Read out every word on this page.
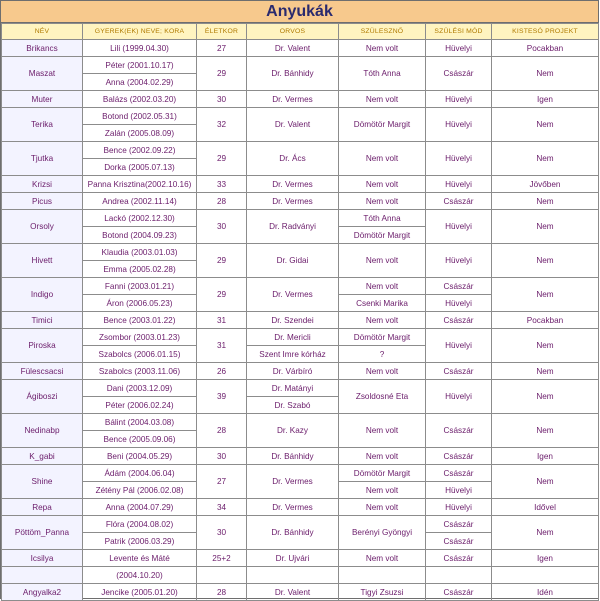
Anyukák
NÉV	GYEREK(EK) NEVE; KORA	ÉLETKOR	ORVOS	SZÜLESZNŐ	SZÜLÉSI MÓD	KISTESÓ PROJEKT
Brikancs	Lili (1999.04.30)	27	Dr. Valent	Nem volt	Hüvelyi	Pocakban
Maszat	Péter (2001.10.17)	29	Dr. Bánhidy	Tóth Anna	Császár	Nem
	Anna (2004.02.29)					
Muter	Balázs (2002.03.20)	30	Dr. Vermes	Nem volt	Hüvelyi	Igen
Terika	Botond (2002.05.31)	32	Dr. Valent	Dömötör Margit	Hüvelyi	Nem
	Zalán (2005.08.09)					
Tjutka	Bence (2002.09.22)	29	Dr. Ács	Nem volt	Hüvelyi	Nem
	Dorka (2005.07.13)					
Krizsi	Panna Krisztina(2002.10.16)	33	Dr. Vermes	Nem volt	Hüvelyi	Jövőben
Picus	Andrea (2002.11.14)	28	Dr. Vermes	Nem volt	Császár	Nem
Orsoly	Lackó (2002.12.30)	30	Dr. Radványi	Tóth Anna	Hüvelyi	Nem
	Botond (2004.09.23)			Dömötör Margit		
Hivett	Klaudia (2003.01.03)	29	Dr. Gidai	Nem volt	Hüvelyi	Nem
	Emma (2005.02.28)					
Indigo	Fanni (2003.01.21)	29	Dr. Vermes	Nem volt	Császár	Nem
	Áron (2006.05.23)			Csenki Marika	Hüvelyi	
Timici	Bence (2003.01.22)	31	Dr. Szendei	Nem volt	Császár	Pocakban
Piroska	Zsombor (2003.01.23)	31	Dr. Mericli	Dömötör Margit	Hüvelyi	Nem
	Szabolcs (2006.01.15)		Szent Imre kórház	?		
Fülescsacsi	Szabolcs (2003.11.06)	26	Dr. Várbíró	Nem volt	Császár	Nem
Ágiboszi	Dani (2003.12.09)	39	Dr. Matányi	Zsoldosné Eta	Hüvelyi	Nem
	Péter (2006.02.24)		Dr. Szabó			
Nedinabp	Bálint (2004.03.08)	28	Dr. Kazy	Nem volt	Császár	Nem
	Bence (2005.09.06)					
K_gabi	Beni (2004.05.29)	30	Dr. Bánhidy	Nem volt	Császár	Igen
Shine	Ádám (2004.06.04)	27	Dr. Vermes	Dömötör Margit	Császár	Nem
	Zétény Pál (2006.02.08)			Nem volt	Hüvelyi	
Repa	Anna (2004.07.29)	34	Dr. Vermes	Nem volt	Hüvelyi	Idővel
Pöttöm_Panna	Flóra (2004.08.02)	30	Dr. Bánhidy	Berényi Gyöngyi	Császár	Nem
	Patrik (2006.03.29)				Császár	
Icsilya	Levente és Máté	25+2	Dr. Ujvári	Nem volt	Császár	Igen
	(2004.10.20)					
Angyalka2	Jencike (2005.01.20)	28	Dr. Valent	Tigyi Zsuzsi	Császár	Idén
